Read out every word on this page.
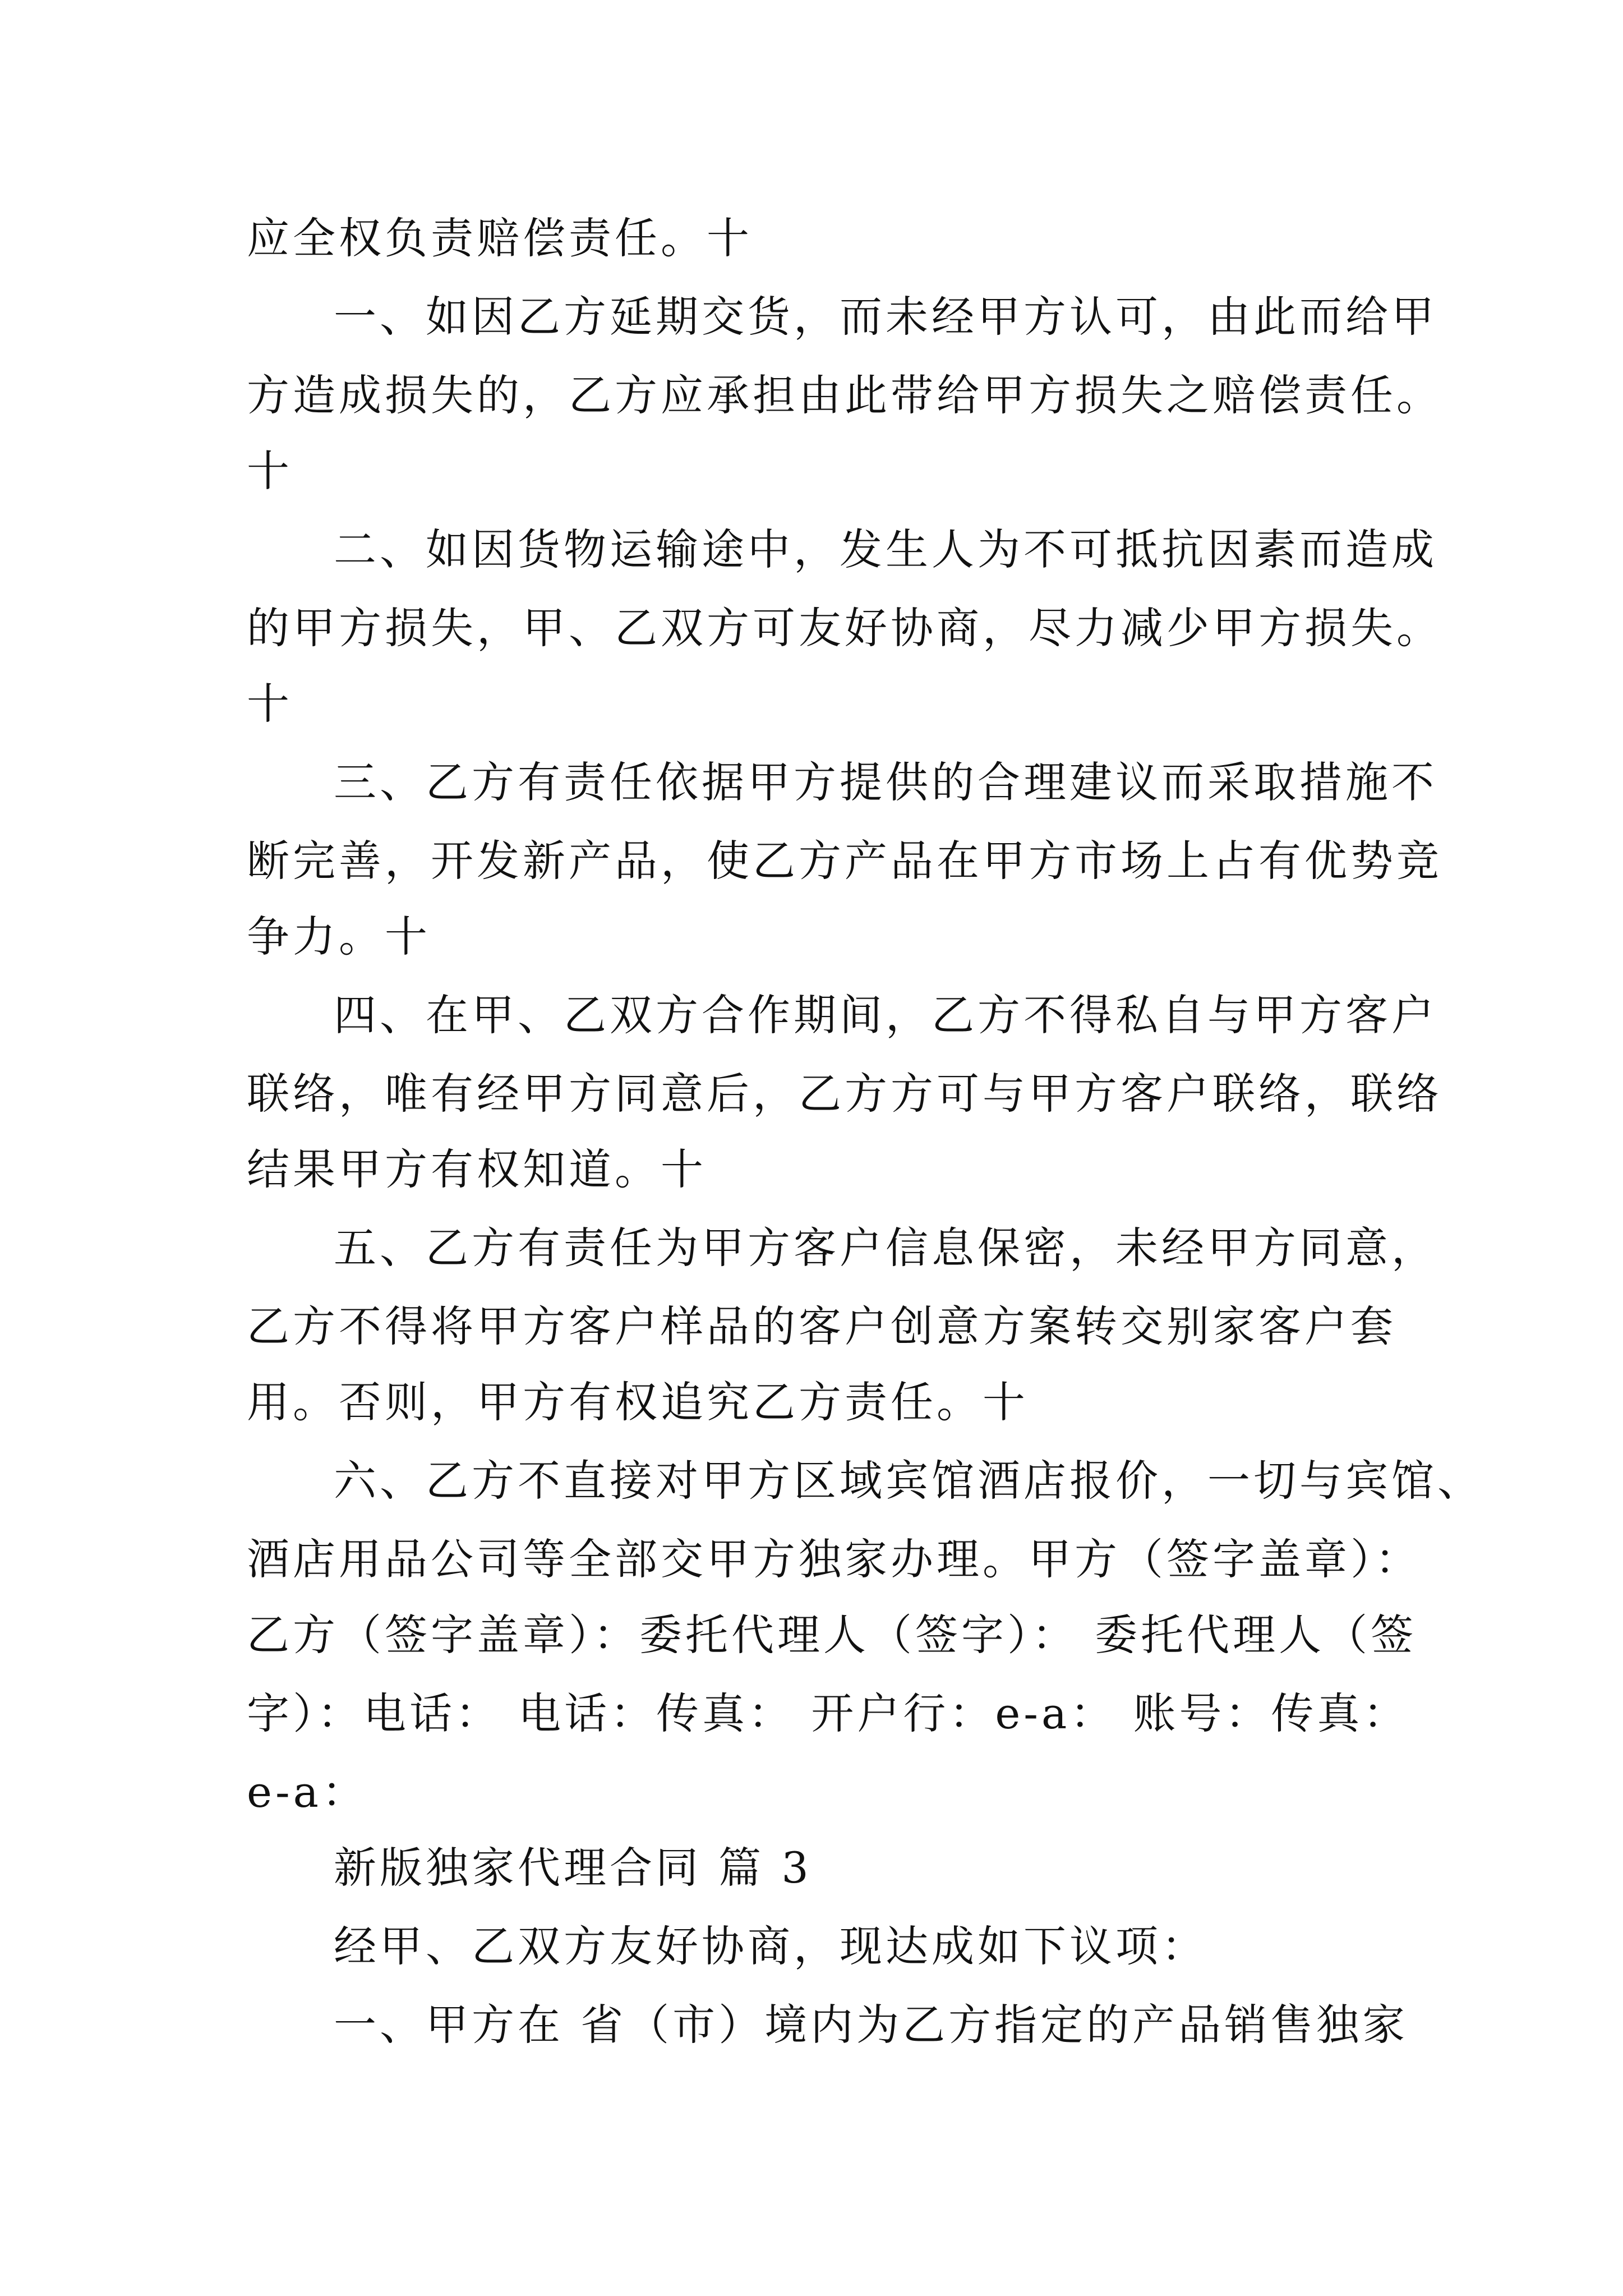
应全权负责赔偿责任。十
一、如因乙方延期交货，而未经甲方认可，由此而给甲
方造成损失的，乙方应承担由此带给甲方损失之赔偿责任。
十
二、如因货物运输途中，发生人为不可抵抗因素而造成
的甲方损失，甲、乙双方可友好协商，尽力减少甲方损失。
十
三、乙方有责任依据甲方提供的合理建议而采取措施不
断完善，开发新产品，使乙方产品在甲方市场上占有优势竞
争力。十
四、在甲、乙双方合作期间，乙方不得私自与甲方客户
联络，唯有经甲方同意后，乙方方可与甲方客户联络，联络
结果甲方有权知道。十
五、乙方有责任为甲方客户信息保密，未经甲方同意，
乙方不得将甲方客户样品的客户创意方案转交别家客户套
用。否则，甲方有权追究乙方责任。十
六、乙方不直接对甲方区域宾馆酒店报价，一切与宾馆、
酒店用品公司等全部交甲方独家办理。甲方（签字盖章）：
乙方（签字盖章）：委托代理人（签字）： 委托代理人（签
字）：电话： 电话：传真： 开户行：e-a： 账号：传真：
e-a：
新版独家代理合同 篇 3
经甲、乙双方友好协商，现达成如下议项：
一、甲方在 省（市）境内为乙方指定的产品销售独家
